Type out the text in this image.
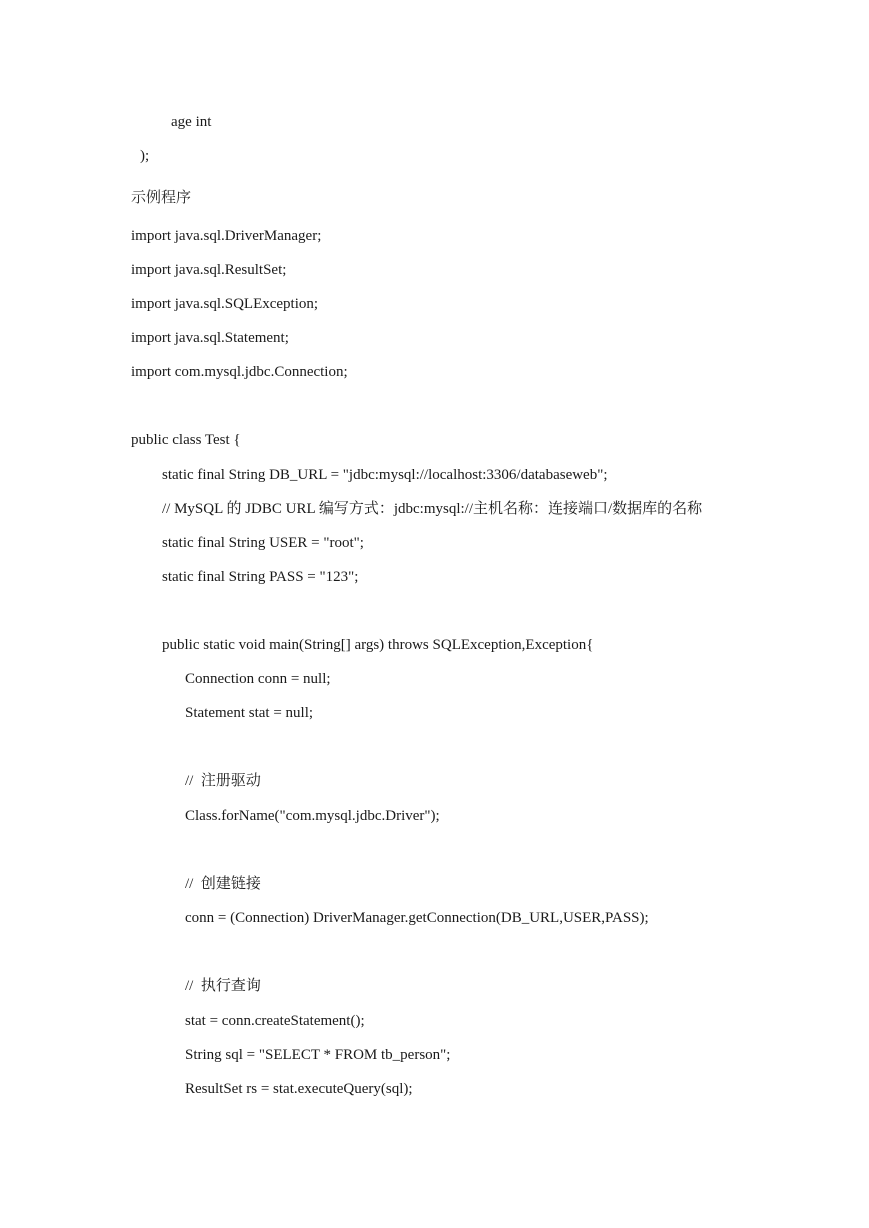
age int
);
示例程序
import java.sql.DriverManager;
import java.sql.ResultSet;
import java.sql.SQLException;
import java.sql.Statement;
import com.mysql.jdbc.Connection;
public class Test {
static final String DB_URL = "jdbc:mysql://localhost:3306/databaseweb";
// MySQL 的 JDBC URL 编写方式：jdbc:mysql://主机名称：连接端口/数据库的名称
static final String USER = "root";
static final String PASS = "123";
public static void main(String[] args) throws SQLException,Exception{
Connection conn = null;
Statement stat = null;
//  注册驱动
Class.forName("com.mysql.jdbc.Driver");
//  创建链接
conn = (Connection) DriverManager.getConnection(DB_URL,USER,PASS);
//  执行查询
stat = conn.createStatement();
String sql = "SELECT * FROM tb_person";
ResultSet rs = stat.executeQuery(sql);
